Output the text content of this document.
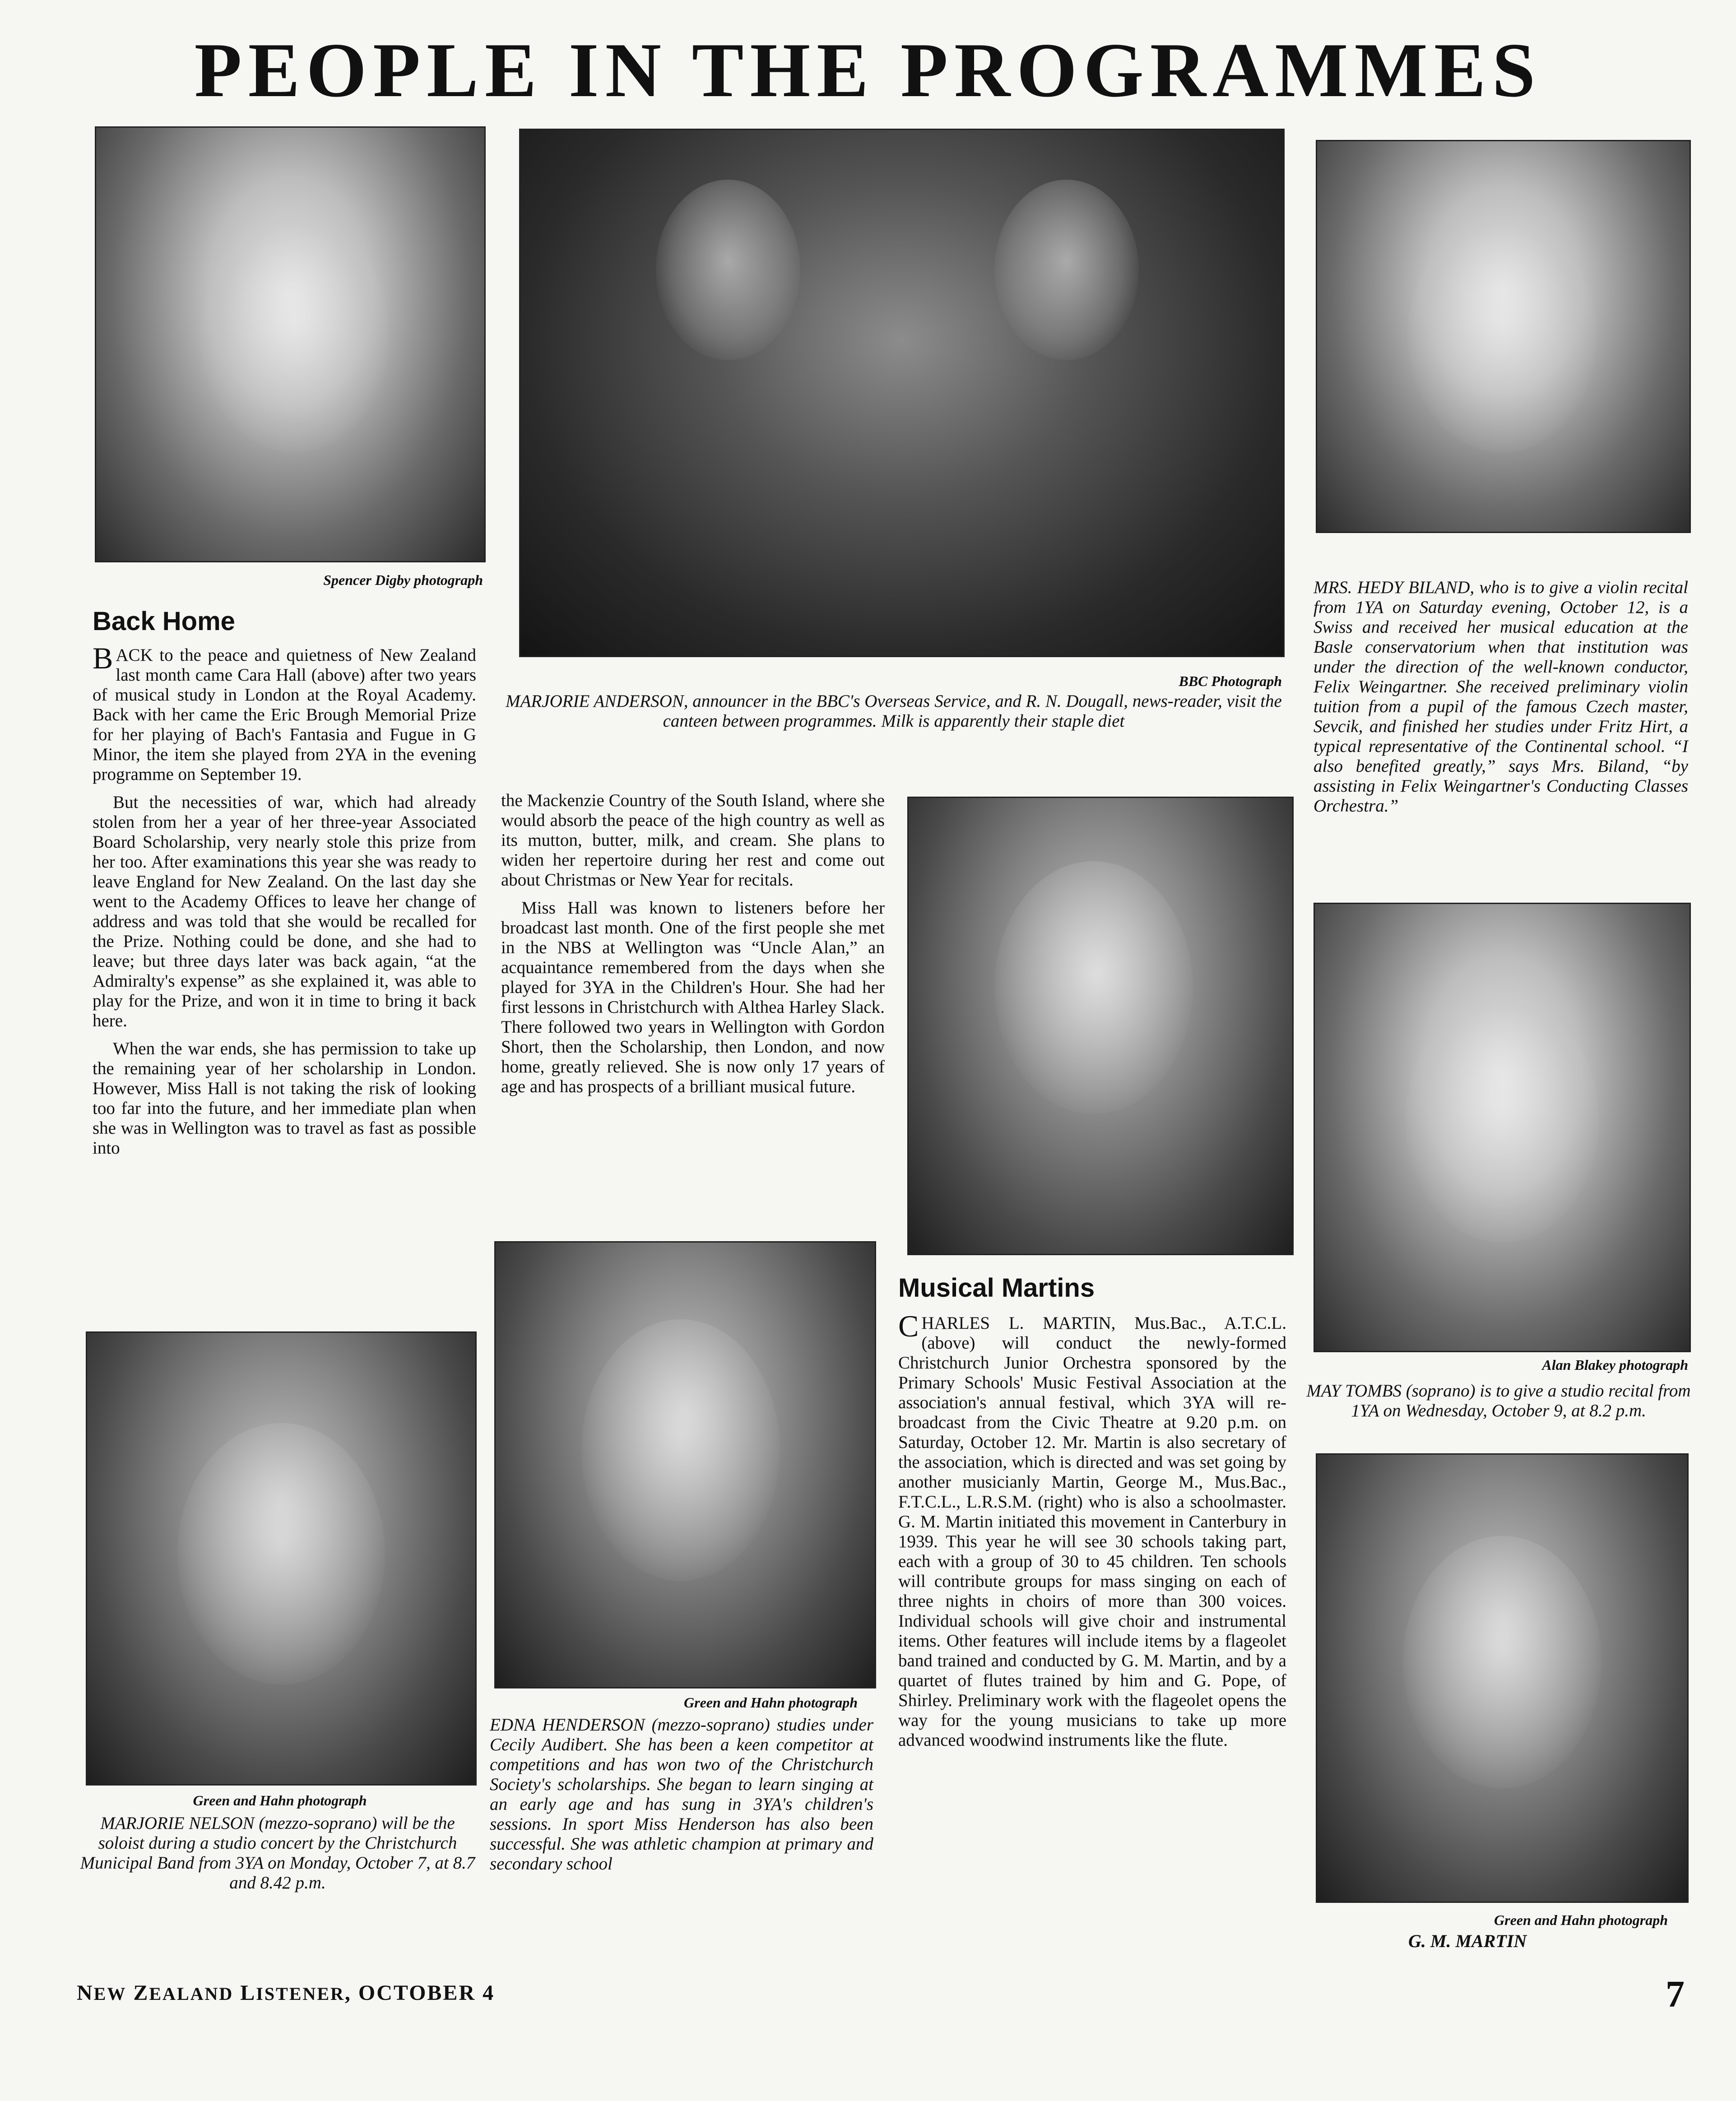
PEOPLE IN THE PROGRAMMES
Spencer Digby photograph
Back Home

BACK to the peace and quietness of New Zealand last month came Cara Hall (above) after two years of musical study in London at the Royal Academy. Back with her came the Eric Brough Memorial Prize for her playing of Bach's Fantasia and Fugue in G Minor, the item she played from 2YA in the evening programme on September 19.

But the necessities of war, which had already stolen from her a year of her three-year Associated Board Scholarship, very nearly stole this prize from her too. After examinations this year she was ready to leave England for New Zealand. On the last day she went to the Academy Offices to leave her change of address and was told that she would be recalled for the Prize. Nothing could be done, and she had to leave; but three days later was back again, “at the Admiralty's expense” as she explained it, was able to play for the Prize, and won it in time to bring it back here.

When the war ends, she has permission to take up the remaining year of her scholarship in London. However, Miss Hall is not taking the risk of looking too far into the future, and her immediate plan when she was in Wellington was to travel as fast as possible into

BBC Photograph
MARJORIE ANDERSON, announcer in the BBC's Overseas Service, and R. N. Dougall, news-reader, visit the canteen between programmes. Milk is apparently their staple diet

the Mackenzie Country of the South Island, where she would absorb the peace of the high country as well as its mutton, butter, milk, and cream. She plans to widen her repertoire during her rest and come out about Christmas or New Year for recitals.

Miss Hall was known to listeners before her broadcast last month. One of the first people she met in the NBS at Wellington was “Uncle Alan,” an acquaintance remembered from the days when she played for 3YA in the Children's Hour. She had her first lessons in Christchurch with Althea Harley Slack. There followed two years in Wellington with Gordon Short, then the Scholarship, then London, and now home, greatly relieved. She is now only 17 years of age and has prospects of a brilliant musical future.

Musical Martins

CHARLES L. MARTIN, Mus.Bac., A.T.C.L. (above) will conduct the newly-formed Christchurch Junior Orchestra sponsored by the Primary Schools' Music Festival Association at the association's annual festival, which 3YA will re-broadcast from the Civic Theatre at 9.20 p.m. on Saturday, October 12. Mr. Martin is also secretary of the association, which is directed and was set going by another musicianly Martin, George M., Mus.Bac., F.T.C.L., L.R.S.M. (right) who is also a schoolmaster. G. M. Martin initiated this movement in Canterbury in 1939. This year he will see 30 schools taking part, each with a group of 30 to 45 children. Ten schools will contribute groups for mass singing on each of three nights in choirs of more than 300 voices. Individual schools will give choir and instrumental items. Other features will include items by a flageolet band trained and conducted by G. M. Martin, and by a quartet of flutes trained by him and G. Pope, of Shirley. Preliminary work with the flageolet opens the way for the young musicians to take up more advanced woodwind instruments like the flute.

MRS. HEDY BILAND, who is to give a violin recital from 1YA on Saturday evening, October 12, is a Swiss and received her musical education at the Basle conservatorium when that institution was under the direction of the well-known conductor, Felix Weingartner. She received preliminary violin tuition from a pupil of the famous Czech master, Sevcik, and finished her studies under Fritz Hirt, a typical representative of the Continental school. “I also benefited greatly,” says Mrs. Biland, “by assisting in Felix Weingartner's Conducting Classes Orchestra.”
Alan Blakey photograph
MAY TOMBS (soprano) is to give a studio recital from 1YA on Wednesday, October 9, at 8.2 p.m.
Green and Hahn photograph
G. M. MARTIN
Green and Hahn photograph
MARJORIE NELSON (mezzo-soprano) will be the soloist during a studio concert by the Christchurch Municipal Band from 3YA on Monday, October 7, at 8.7 and 8.42 p.m.
Green and Hahn photograph
EDNA HENDERSON (mezzo-soprano) studies under Cecily Audibert. She has been a keen competitor at competitions and has won two of the Christchurch Society's scholarships. She began to learn singing at an early age and has sung in 3YA's children's sessions. In sport Miss Henderson has also been successful. She was athletic champion at primary and secondary school
NEW ZEALAND LISTENER, OCTOBER 4	7
